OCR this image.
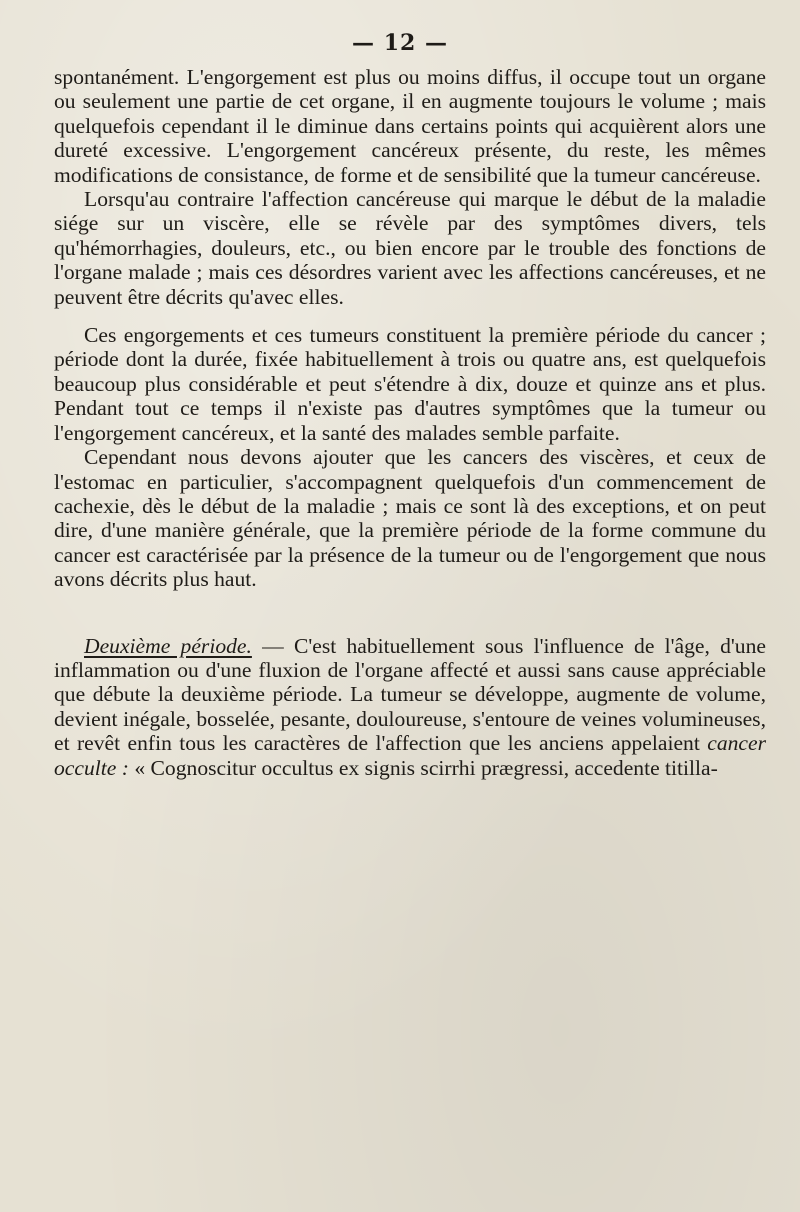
— 12 —

spontanément. L'engorgement est plus ou moins diffus, il occupe tout un organe ou seulement une partie de cet organe, il en augmente toujours le volume ; mais quelquefois cependant il le diminue dans certains points qui acquièrent alors une dureté excessive. L'engorgement cancéreux présente, du reste, les mêmes modifications de consistance, de forme et de sensibilité que la tumeur cancéreuse.

Lorsqu'au contraire l'affection cancéreuse qui marque le début de la maladie siége sur un viscère, elle se révèle par des symptômes divers, tels qu'hémorrhagies, douleurs, etc., ou bien encore par le trouble des fonctions de l'organe malade ; mais ces désordres varient avec les affections cancéreuses, et ne peuvent être décrits qu'avec elles.

Ces engorgements et ces tumeurs constituent la première période du cancer ; période dont la durée, fixée habituellement à trois ou quatre ans, est quelquefois beaucoup plus considérable et peut s'étendre à dix, douze et quinze ans et plus. Pendant tout ce temps il n'existe pas d'autres symptômes que la tumeur ou l'engorgement cancéreux, et la santé des malades semble parfaite.

Cependant nous devons ajouter que les cancers des viscères, et ceux de l'estomac en particulier, s'accompagnent quelquefois d'un commencement de cachexie, dès le début de la maladie ; mais ce sont là des exceptions, et on peut dire, d'une manière générale, que la première période de la forme commune du cancer est caractérisée par la présence de la tumeur ou de l'engorgement que nous avons décrits plus haut.

Deuxième période. — C'est habituellement sous l'influence de l'âge, d'une inflammation ou d'une fluxion de l'organe affecté et aussi sans cause appréciable que débute la deuxième période. La tumeur se développe, augmente de volume, devient inégale, bosselée, pesante, douloureuse, s'entoure de veines volumineuses, et revêt enfin tous les caractères de l'affection que les anciens appelaient cancer occulte : « Cognoscitur occultus ex signis scirrhi prægressi, accedente titilla-
